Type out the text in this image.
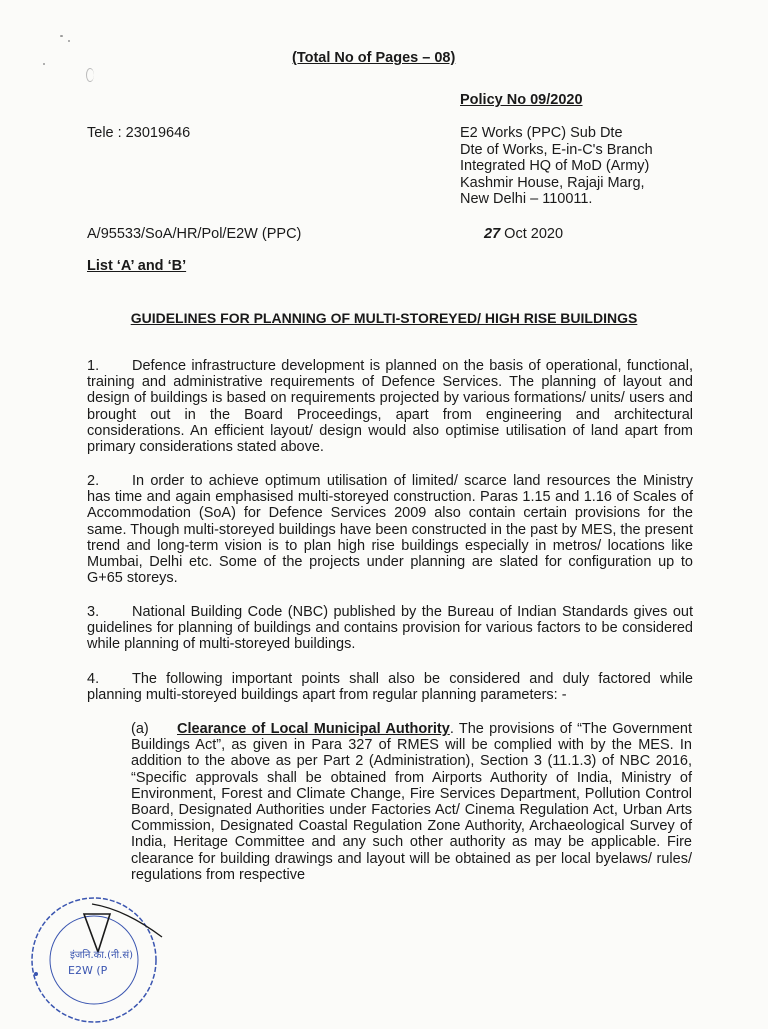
(Total No of Pages – 08)
Policy No 09/2020
Tele : 23019646	E2 Works (PPC) Sub Dte
Dte of Works, E-in-C's Branch
Integrated HQ of MoD (Army)
Kashmir House, Rajaji Marg,
New Delhi – 110011.
A/95533/SoA/HR/Pol/E2W (PPC)	27 Oct 2020
List ‘A’ and ‘B’
GUIDELINES FOR PLANNING OF MULTI-STOREYED/ HIGH RISE BUILDINGS
1. Defence infrastructure development is planned on the basis of operational, functional, training and administrative requirements of Defence Services. The planning of layout and design of buildings is based on requirements projected by various formations/ units/ users and brought out in the Board Proceedings, apart from engineering and architectural considerations. An efficient layout/ design would also optimise utilisation of land apart from primary considerations stated above.
2. In order to achieve optimum utilisation of limited/ scarce land resources the Ministry has time and again emphasised multi-storeyed construction. Paras 1.15 and 1.16 of Scales of Accommodation (SoA) for Defence Services 2009 also contain certain provisions for the same. Though multi-storeyed buildings have been constructed in the past by MES, the present trend and long-term vision is to plan high rise buildings especially in metros/ locations like Mumbai, Delhi etc. Some of the projects under planning are slated for configuration up to G+65 storeys.
3. National Building Code (NBC) published by the Bureau of Indian Standards gives out guidelines for planning of buildings and contains provision for various factors to be considered while planning of multi-storeyed buildings.
4. The following important points shall also be considered and duly factored while planning multi-storeyed buildings apart from regular planning parameters: -
(a) Clearance of Local Municipal Authority. The provisions of “The Government Buildings Act”, as given in Para 327 of RMES will be complied with by the MES. In addition to the above as per Part 2 (Administration), Section 3 (11.1.3) of NBC 2016, “Specific approvals shall be obtained from Airports Authority of India, Ministry of Environment, Forest and Climate Change, Fire Services Department, Pollution Control Board, Designated Authorities under Factories Act/ Cinema Regulation Act, Urban Arts Commission, Designated Coastal Regulation Zone Authority, Archaeological Survey of India, Heritage Committee and any such other authority as may be applicable. Fire clearance for building drawings and layout will be obtained as per local byelaws/ rules/ regulations from respective
इंजनि.का.(नी.सं)
E2W (P
